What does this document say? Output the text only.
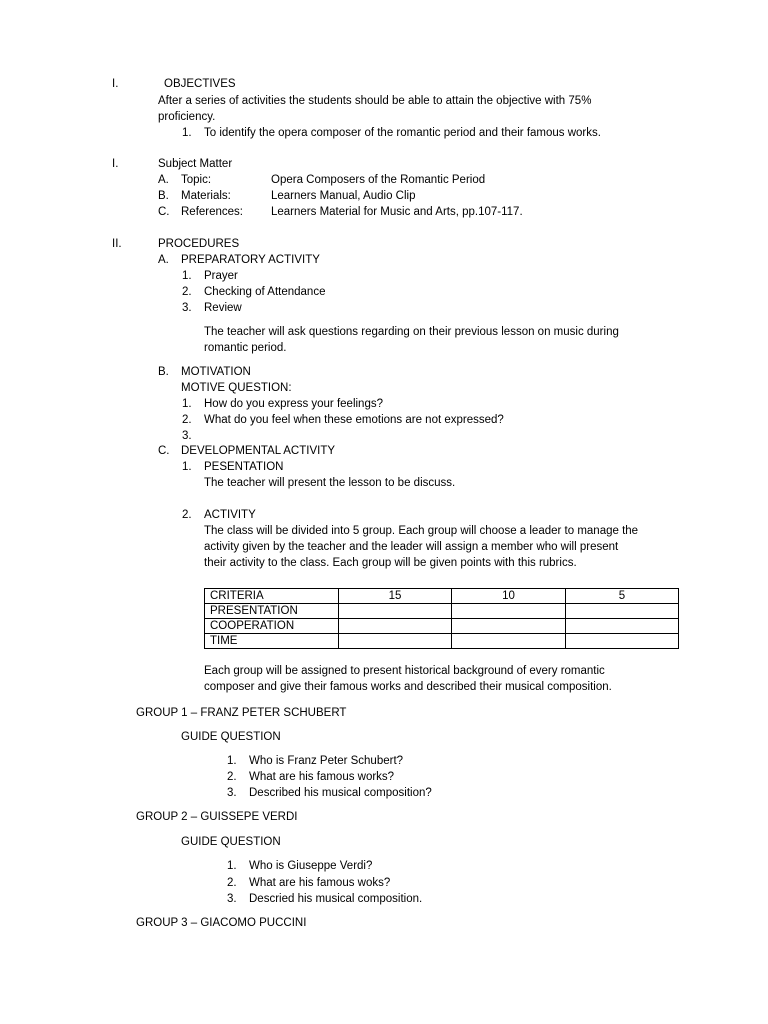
I.	OBJECTIVES
After a series of activities the students should be able to attain the objective with 75%
proficiency.
1. To identify the opera composer of the romantic period and their famous works.
I.	Subject Matter
A. Topic:	Opera Composers of the Romantic Period
B. Materials:	Learners Manual, Audio Clip
C. References: Learners Material for Music and Arts, pp.107-117.
II.	PROCEDURES
A. PREPARATORY ACTIVITY
1. Prayer
2. Checking of Attendance
3. Review
The teacher will ask questions regarding on their previous lesson on music during
romantic period.
B. MOTIVATION
MOTIVE QUESTION:
1. How do you express your feelings?
2. What do you feel when these emotions are not expressed?
3.
C. DEVELOPMENTAL ACTIVITY
1. PESENTATION
The teacher will present the lesson to be discuss.
2. ACTIVITY
The class will be divided into 5 group. Each group will choose a leader to manage the
activity given by the teacher and the leader will assign a member who will present
their activity to the class. Each group will be given points with this rubrics.
CRITERIA	15	10	5
PRESENTATION			
COOPERATION			
TIME			
Each group will be assigned to present historical background of every romantic
composer and give their famous works and described their musical composition.
GROUP 1 – FRANZ PETER SCHUBERT
GUIDE QUESTION
1. Who is Franz Peter Schubert?
2. What are his famous works?
3. Described his musical composition?
GROUP 2 – GUISSEPE VERDI
GUIDE QUESTION
1. Who is Giuseppe Verdi?
2. What are his famous woks?
3. Descried his musical composition.
GROUP 3 – GIACOMO PUCCINI
